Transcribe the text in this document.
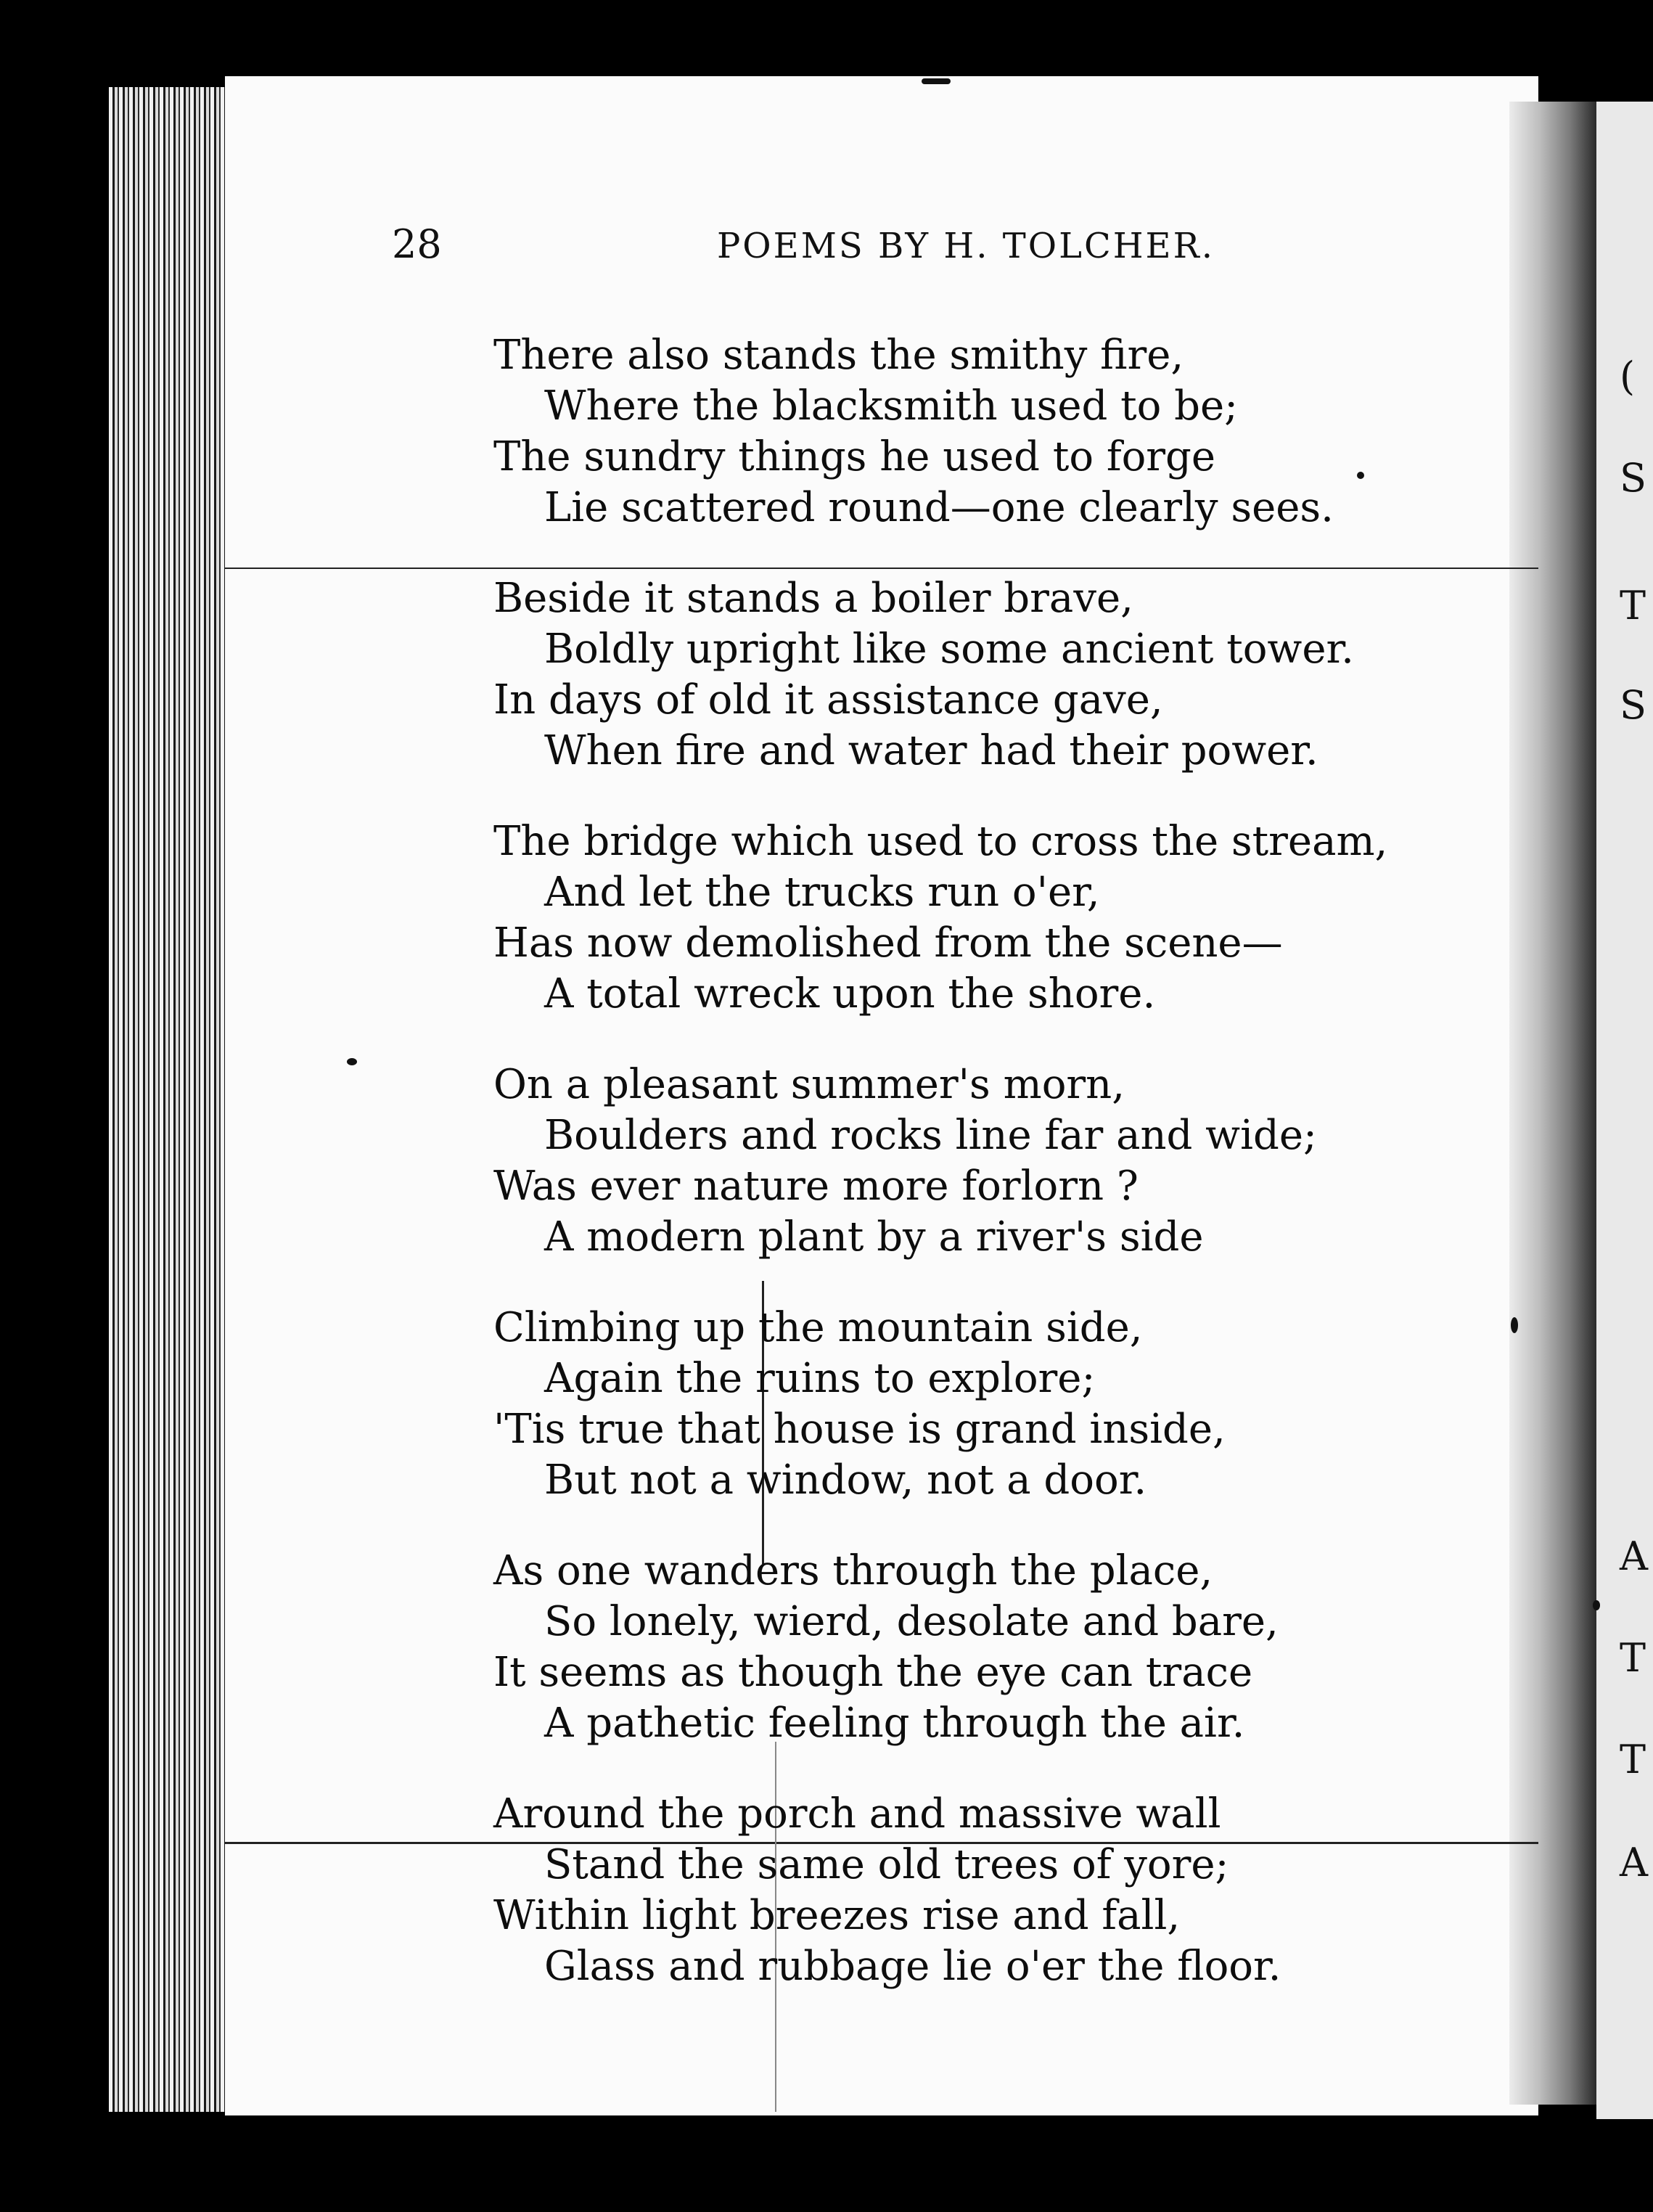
(
S
T
S
A
T
T
A
28	POEMS BY H. TOLCHER.
There also stands the smithy fire,
Where the blacksmith used to be;
The sundry things he used to forge
Lie scattered round—one clearly sees.
Beside it stands a boiler brave,
Boldly upright like some ancient tower.
In days of old it assistance gave,
When fire and water had their power.
The bridge which used to cross the stream,
And let the trucks run o'er,
Has now demolished from the scene—
A total wreck upon the shore.
On a pleasant summer's morn,
Boulders and rocks line far and wide;
Was ever nature more forlorn ?
A modern plant by a river's side
Climbing up the mountain side,
Again the ruins to explore;
'Tis true that house is grand inside,
But not a window, not a door.
As one wanders through the place,
So lonely, wierd, desolate and bare,
It seems as though the eye can trace
A pathetic feeling through the air.
Around the porch and massive wall
Stand the same old trees of yore;
Within light breezes rise and fall,
Glass and rubbage lie o'er the floor.
